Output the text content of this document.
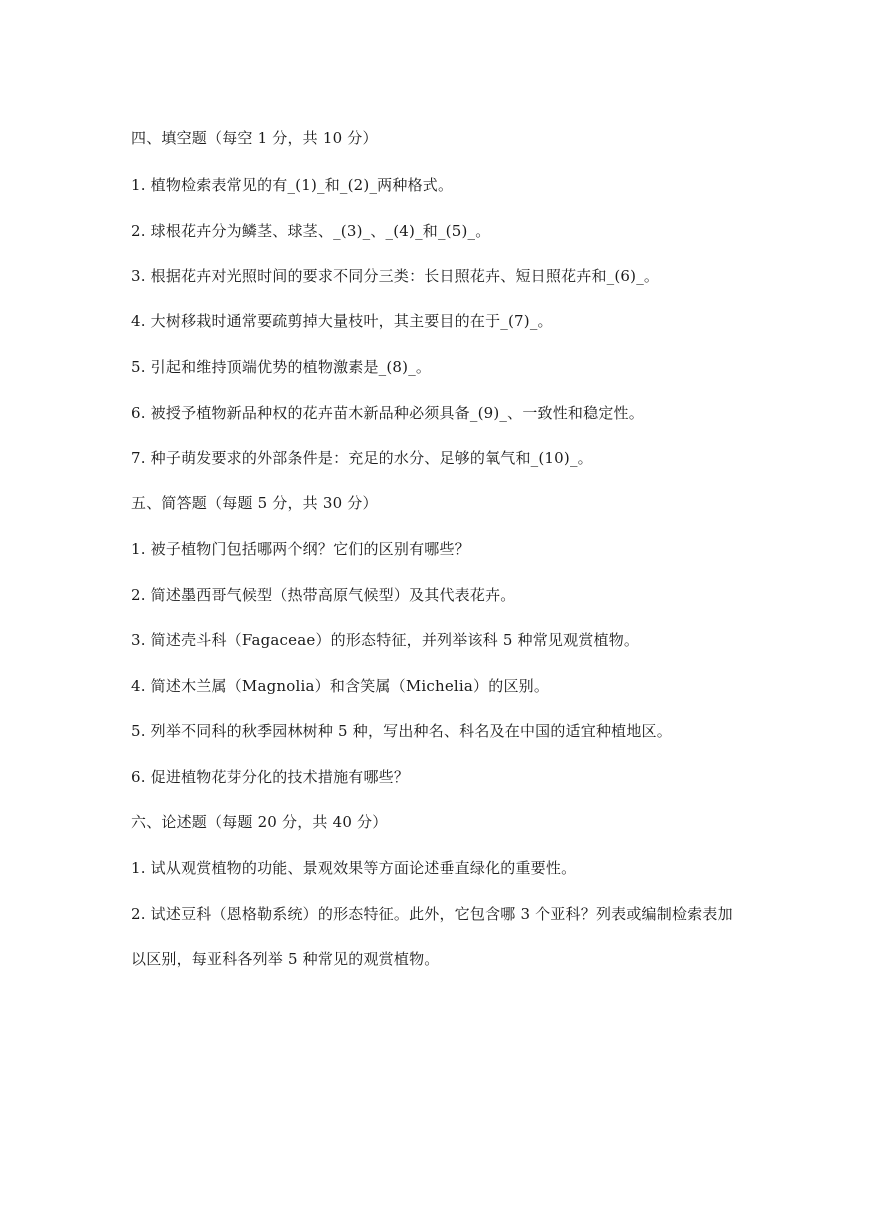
四、填空题（每空 1 分，共 10 分）
1. 植物检索表常见的有_(1)_和_(2)_两种格式。
2. 球根花卉分为鳞茎、球茎、_(3)_、_(4)_和_(5)_。
3. 根据花卉对光照时间的要求不同分三类：长日照花卉、短日照花卉和_(6)_。
4. 大树移栽时通常要疏剪掉大量枝叶，其主要目的在于_(7)_。
5. 引起和维持顶端优势的植物激素是_(8)_。
6. 被授予植物新品种权的花卉苗木新品种必须具备_(9)_、一致性和稳定性。
7. 种子萌发要求的外部条件是：充足的水分、足够的氧气和_(10)_。
五、简答题（每题 5 分，共 30 分）
1. 被子植物门包括哪两个纲？它们的区别有哪些？
2. 简述墨西哥气候型（热带高原气候型）及其代表花卉。
3. 简述壳斗科（Fagaceae）的形态特征，并列举该科 5 种常见观赏植物。
4. 简述木兰属（Magnolia）和含笑属（Michelia）的区别。
5. 列举不同科的秋季园林树种 5 种，写出种名、科名及在中国的适宜种植地区。
6. 促进植物花芽分化的技术措施有哪些？
六、论述题（每题 20 分，共 40 分）
1. 试从观赏植物的功能、景观效果等方面论述垂直绿化的重要性。
2. 试述豆科（恩格勒系统）的形态特征。此外，它包含哪 3 个亚科？列表或编制检索表加
以区别，每亚科各列举 5 种常见的观赏植物。
